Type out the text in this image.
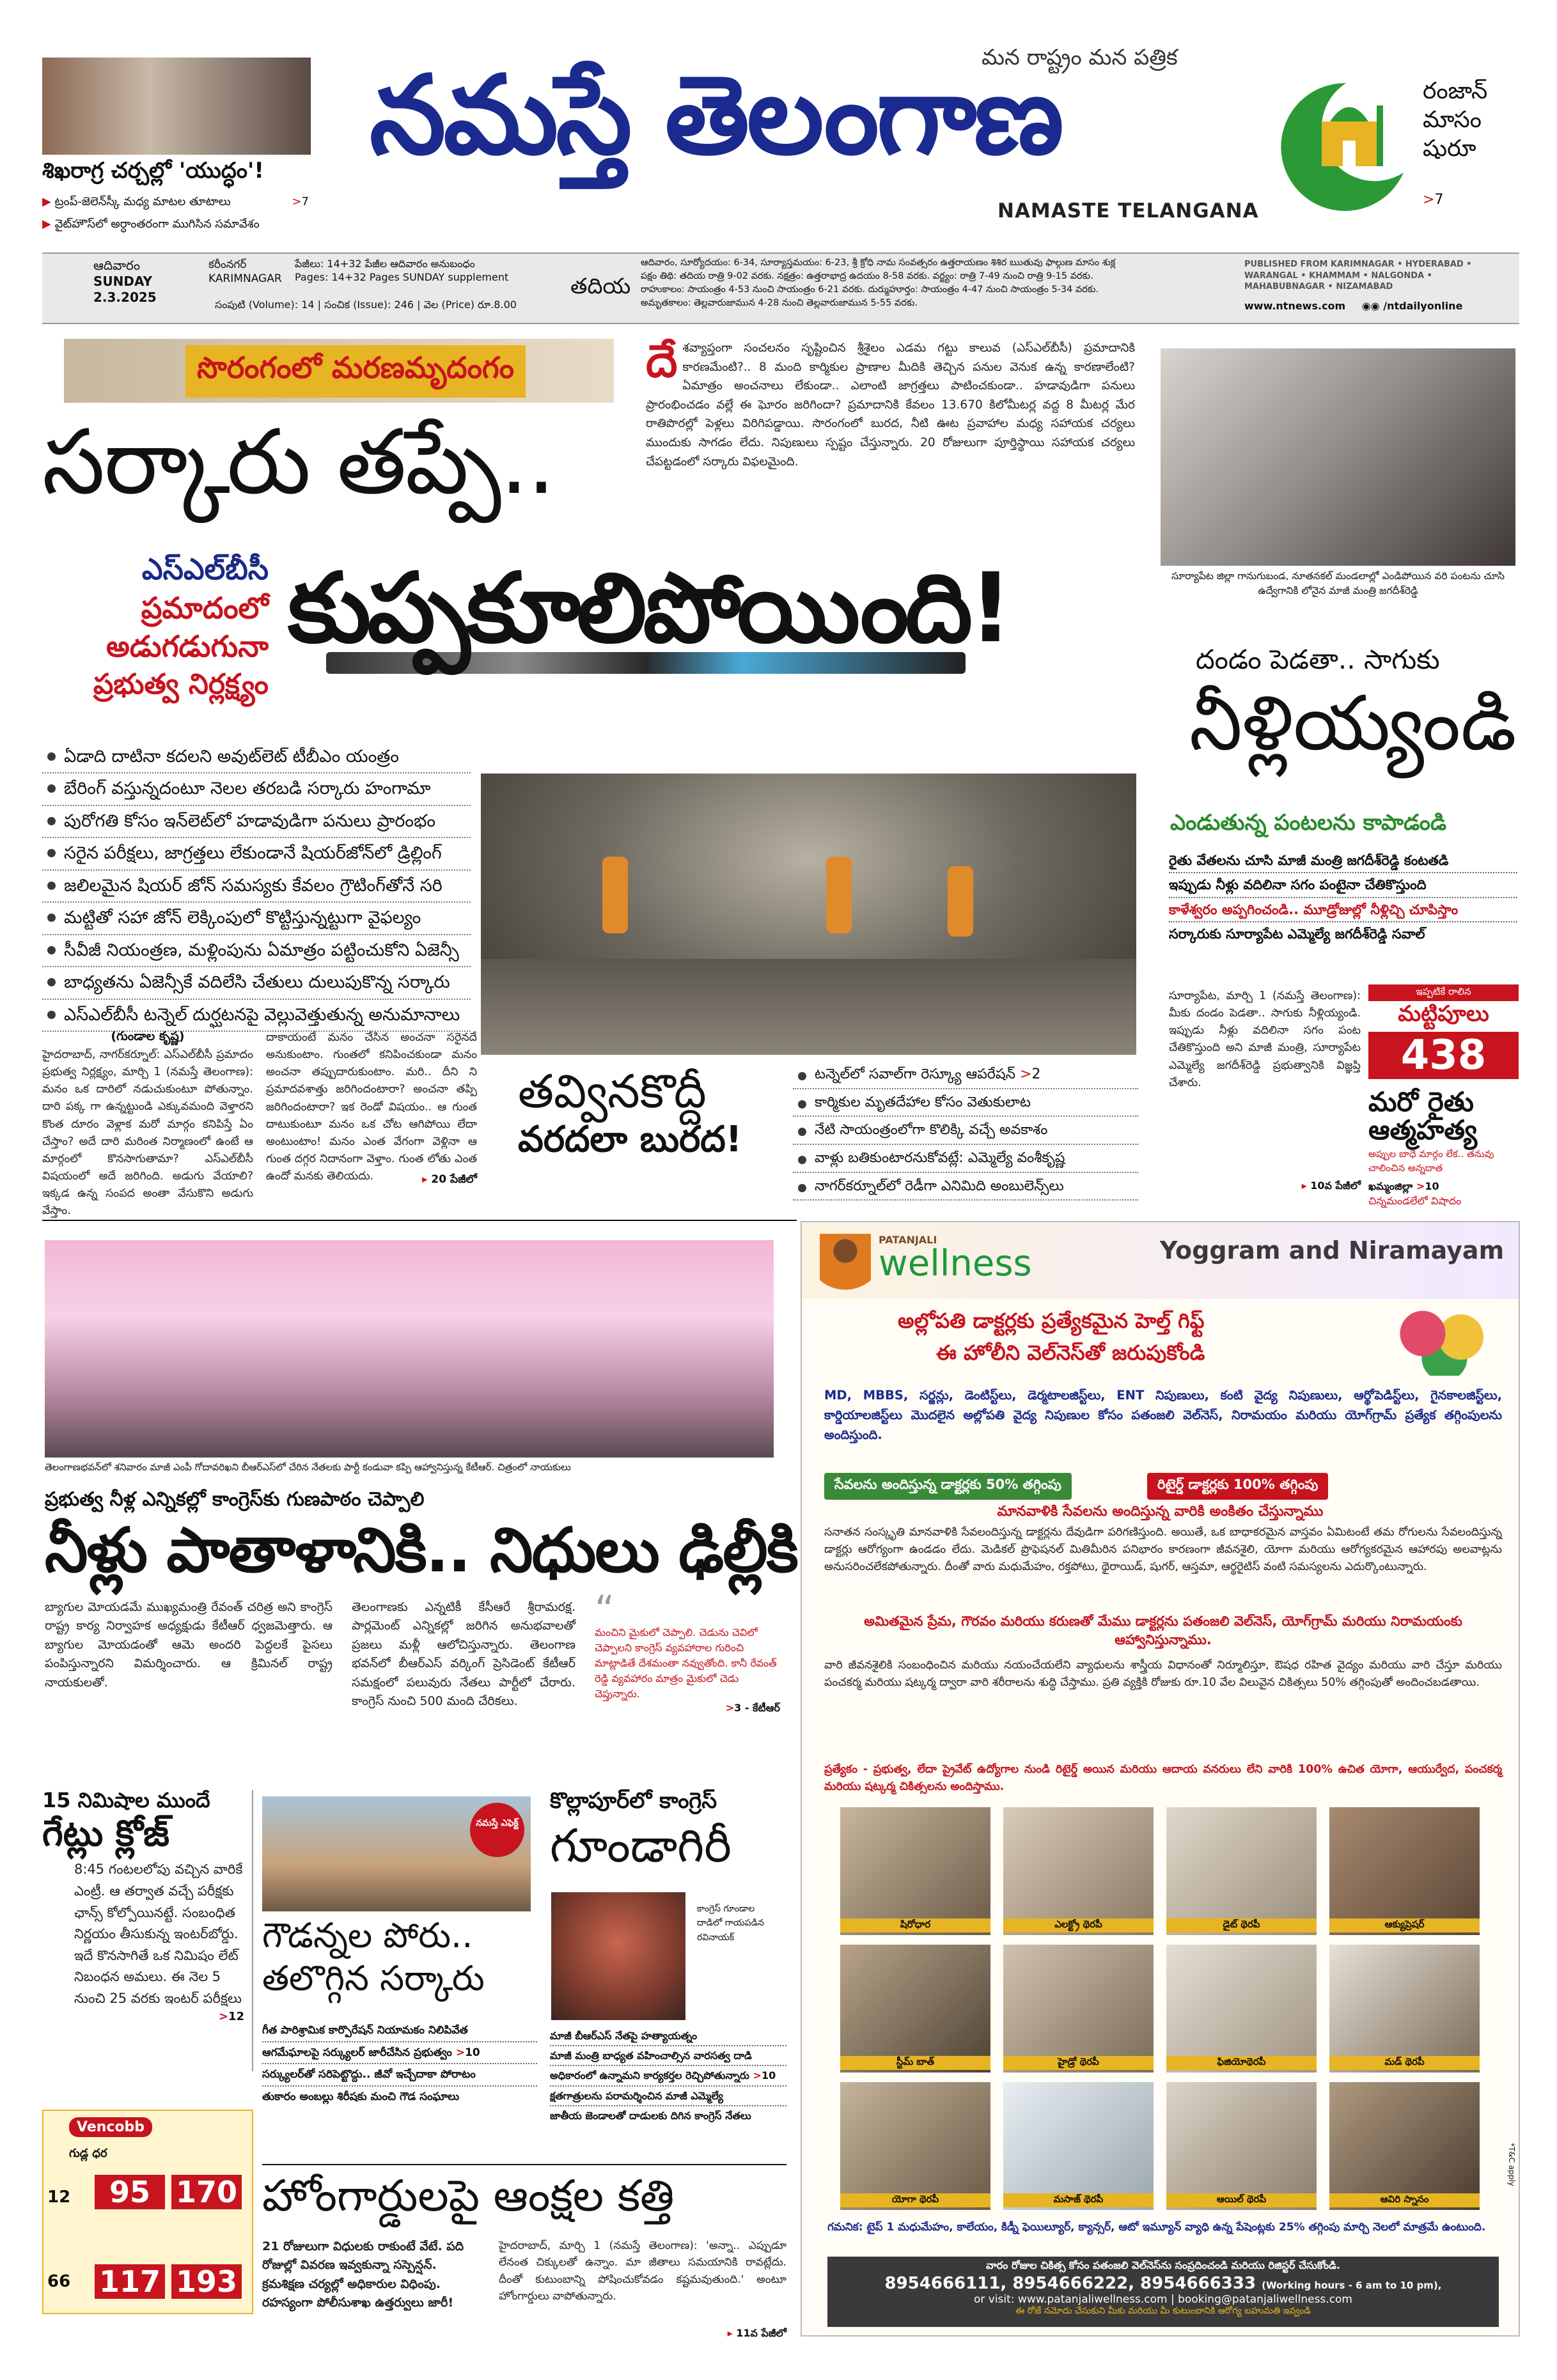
శిఖరాగ్ర చర్చల్లో 'యుద్ధం'!
▶ ట్రంప్-జెలెన్‌స్కీ మధ్య మాటల తూటాలు	>7
▶ వైట్‌హౌస్‌లో అర్ధాంతరంగా ముగిసిన సమావేశం
మన రాష్ట్రం మన పత్రిక
నమస్తే తెలంగాణ
NAMASTE TELANGANA
రంజాన్ మాసం షురూ
>7
ఆదివారం
SUNDAY
2.3.2025
కరీంనగర్
KARIMNAGAR
పేజీలు: 14+32 పేజీల ఆదివారం అనుబంధం
Pages: 14+32 Pages SUNDAY supplement
సంపుటి (Volume): 14 | సంచిక (Issue): 246 | వెల (Price) రూ.8.00
తదియ
ఆదివారం, సూర్యోదయం: 6-34, సూర్యాస్తమయం: 6-23, శ్రీ క్రోధి నామ సంవత్సరం ఉత్తరాయణం శిశిర ఋతువు ఫాల్గుణ మాసం శుక్ల
పక్షం తిథి: తదియ రాత్రి 9-02 వరకు. నక్షత్రం: ఉత్తరాభాద్ర ఉదయం 8-58 వరకు. వర్జ్యం: రాత్రి 7-49 నుంచి రాత్రి 9-15 వరకు.
రాహుకాలం: సాయంత్రం 4-53 నుంచి సాయంత్రం 6-21 వరకు. దుర్ముహూర్తం: సాయంత్రం 4-47 నుంచి సాయంత్రం 5-34 వరకు.
అమృతకాలం: తెల్లవారుజామున 4-28 నుంచి తెల్లవారుజామున 5-55 వరకు.
PUBLISHED FROM KARIMNAGAR • HYDERABAD • WARANGAL • KHAMMAM • NALGONDA • MAHABUBNAGAR • NIZAMABAD
www.ntnews.com ◉◉ /ntdailyonline
సొరంగంలో మరణమృదంగం	దే శవ్యాప్తంగా సంచలనం సృష్టించిన శ్రీశైలం ఎడమ గట్టు కాలువ (ఎస్‌ఎల్‌బీసీ) ప్రమాదానికి కారణమేంటి?.. 8 మంది కార్మికుల ప్రాణాల మీదికి తెచ్చిన పనుల వెనుక ఉన్న కారణాలేంటి? ఏమాత్రం అంచనాలు లేకుండా.. ఎలాంటి జాగ్రత్తలు పాటించకుండా.. హడావుడిగా పనులు ప్రారంభించడం వల్లే ఈ ఘోరం జరిగిందా? ప్రమాదానికి కేవలం 13.670 కిలోమీటర్ల వద్ద 8 మీటర్ల మేర రాతిపొరల్లో పెళ్లలు విరిగిపడ్డాయి. సొరంగంలో బురద, నీటి ఊట ప్రవాహాల మధ్య సహాయక చర్యలు ముందుకు సాగడం లేదు. నిపుణులు స్పష్టం చేస్తున్నారు. 20 రోజులుగా పూర్తిస్థాయి సహాయక చర్యలు చేపట్టడంలో సర్కారు విఫలమైంది.
సర్కారు తప్పే..
ఎస్‌ఎల్‌బీసీ
ప్రమాదంలో
అడుగడుగునా
ప్రభుత్వ నిర్లక్ష్యం
కుప్పకూలిపోయింది!
ఏడాది దాటినా కదలని అవుట్‌లెట్ టీబీఎం యంత్రం
బేరింగ్ వస్తున్నదంటూ నెలల తరబడి సర్కారు హంగామా
పురోగతి కోసం ఇన్‌లెట్‌లో హడావుడిగా పనులు ప్రారంభం
సరైన పరీక్షలు, జాగ్రత్తలు లేకుండానే షియర్‌జోన్‌లో డ్రిల్లింగ్
జలిలమైన షియర్ జోన్ సమస్యకు కేవలం గ్రౌటింగ్‌తోనే సరి
మట్టితో సహా జోన్ లెక్కింపులో కొట్టిస్తున్నట్టుగా వైఫల్యం
సీవీజీ నియంత్రణ, మళ్లింపును ఏమాత్రం పట్టించుకోని ఏజెన్సీ
బాధ్యతను ఏజెన్సీకే వదిలేసి చేతులు దులుపుకొన్న సర్కారు
ఎస్‌ఎల్‌బీసీ టన్నెల్ దుర్ఘటనపై వెల్లువెత్తుతున్న అనుమానాలు
(గుండాల కృష్ణ)
హైదరాబాద్, నాగర్‌కర్నూల్: ఎస్‌ఎల్‌బీసీ ప్రమాదం ప్రభుత్వ నిర్లక్ష్యం, మార్చి 1 (నమస్తే తెలంగాణ): మనం ఒక దారిలో నడుచుకుంటూ పోతున్నాం. దారి పక్క గా ఉన్నట్టుండి ఎక్కువమంది వెళ్తారని కొంత దూరం వెళ్లాక మరో మార్గం కనిపిస్తే ఏం చేస్తాం? అదే దారి మరింత నిర్మాణంలో ఉంటే ఆ మార్గంలో కొనసాగుతామా? ఎస్‌ఎల్‌బీసీ విషయంలో అదే జరిగింది. అడుగు వేయాలి? ఇక్కడ ఉన్న సంపద అంతా వేసుకొని అడుగు వేస్తాం.
దాకాయంటే మనం చేసిన అంచనా సరైనదే అనుకుంటాం. గుంతలో కనిపించకుండా మనం అంచనా తప్పుదారుకుంటాం. మరి.. దీని ని ప్రమాదవశాత్తు జరిగిందంటారా? అంచనా తప్పి జరిగిందంటారా? ఇక రెండో విషయం.. ఆ గుంత దాటుకుంటూ మనం ఒక చోట ఆగిపోయి లేదా అంటుంటాం! మనం ఎంత వేగంగా వెళ్లినా ఆ గుంత దగ్గర నిదానంగా వెళ్తాం. గుంత లోతు ఎంత ఉందో మనకు తెలియదు.	▸ 20 పేజీలో
తవ్వినకొద్దీ
వరదలా బురద!
టన్నెల్‌లో సవాల్‌గా రెస్క్యూ ఆపరేషన్ >2
కార్మికుల మృతదేహాల కోసం వెతుకులాట
నేటి సాయంత్రంలోగా కొలిక్కి వచ్చే అవకాశం
వాళ్లు బతికుంటారనుకోవట్లే: ఎమ్మెల్యే వంశీకృష్ణ
నాగర్‌కర్నూల్‌లో రెడీగా ఎనిమిది అంబులెన్స్‌లు
సూర్యాపేట జిల్లా గానుగుబండ, నూతనకల్ మండలాల్లో ఎండిపోయిన వరి పంటను చూసి ఉద్వేగానికి లోనైన మాజీ మంత్రి జగదీశ్‌రెడ్డి
దండం పెడతా.. సాగుకు
నీళ్లియ్యండి
ఎండుతున్న పంటలను కాపాడండి
రైతు వేతలను చూసి మాజీ మంత్రి జగదీశ్‌రెడ్డి కంటతడి
ఇప్పుడు నీళ్లు వదిలినా సగం పంటైనా చేతికొస్తుంది
కాళేశ్వరం అప్పగించండి.. మూడ్రోజుల్లో నీళ్లిచ్చి చూపిస్తాం
సర్కారుకు సూర్యాపేట ఎమ్మెల్యే జగదీశ్‌రెడ్డి సవాల్
సూర్యాపేట, మార్చి 1 (నమస్తే తెలంగాణ): మీకు దండం పెడతా.. సాగుకు నీళ్లియ్యండి. ఇప్పుడు నీళ్లు వదిలినా సగం పంట చేతికొస్తుంది అని మాజీ మంత్రి, సూర్యాపేట ఎమ్మెల్యే జగదీశ్‌రెడ్డి ప్రభుత్వానికి విజ్ఞప్తి చేశారు.
▸ 10వ పేజీలో
ఇప్పటికే రాలిన
మట్టిపూలు
438
మరో రైతు
ఆత్మహత్య
అప్పుల బాధే మార్గం లేక.. తనువు చాలించిన అన్నదాత
ఖమ్మంజిల్లా >10
చిన్నమండలేలో విషాదం
తెలంగాణభవన్‌లో శనివారం మాజీ ఎంపీ గోదావరిఖని బీఆర్ఎస్‌లో చేరిన నేతలకు పార్టీ కండువా కప్పి ఆహ్వానిస్తున్న కేటీఆర్. చిత్రంలో నాయకులు
ప్రభుత్వ నీళ్ల ఎన్నికల్లో కాంగ్రెస్‌కు గుణపాఠం చెప్పాలి
నీళ్లు పాతాళానికి.. నిధులు ఢిల్లీకి
బ్యాగుల మోయడమే ముఖ్యమంత్రి రేవంత్ చరిత్ర అని కాంగ్రెస్ రాష్ట్ర కార్య నిర్వాహక అధ్యక్షుడు కేటీఆర్ ధ్వజమెత్తారు. ఆ బ్యాగుల మోయడంతో ఆమె అందరి పెద్దలకే పైసలు పంపిస్తున్నారని విమర్శించారు. ఆ క్రిమినల్ రాష్ట్ర నాయకులతో.
తెలంగాణకు ఎన్నటికీ కేసీఆరే శ్రీరామరక్ష. పార్లమెంట్ ఎన్నికల్లో జరిగిన అనుభవాలతో ప్రజలు మళ్లీ ఆలోచిస్తున్నారు. తెలంగాణ భవన్‌లో బీఆర్ఎస్ వర్కింగ్ ప్రెసిడెంట్ కేటీఆర్ సమక్షంలో పలువురు నేతలు పార్టీలో చేరారు. కాంగ్రెస్ నుంచి 500 మంది చేరికలు.
“
మంచిని మైకులో చెప్పాలి. చెడును చెవిలో చెప్పాలని కాంగ్రెస్ వ్యవహారాల గురించి మాట్లాడితే దేశమంతా నవ్వుతోంది. కానీ రేవంత్ రెడ్డి వ్యవహారం మాత్రం మైకులో చెడు చెప్తున్నారు.
>3 - కేటీఆర్
15 నిమిషాల ముందే
గేట్లు క్లోజ్
8:45 గంటలలోపు వచ్చిన వారికే ఎంట్రీ. ఆ తర్వాత వచ్చే పరీక్షకు ఛాన్స్ కోల్పోయినట్టే. సంబంధిత నిర్ణయం తీసుకున్న ఇంటర్‌బోర్డు. ఇదే కొనసాగితే ఒక నిమిషం లేట్ నిబంధన అమలు. ఈ నెల 5 నుంచి 25 వరకు ఇంటర్ పరీక్షలు
>12
Vencobb
గుడ్ల ధర
12	95 170
66 117 193
నమస్తే ఎఫెక్ట్
గౌడన్నల పోరు..
తలొగ్గిన సర్కారు
గీత పారిశ్రామిక కార్పొరేషన్ నియామకం నిలిపివేత
ఆగమేఘాలపై సర్క్యులర్ జారీచేసిన ప్రభుత్వం >10
సర్క్యులర్‌తో సరిపెట్టొద్దు.. జీవో ఇచ్చేదాకా పోరాటం
తుకారం అంబల్లు శిరీషకు మంచి గౌడ సంఘాలు
కొల్లాపూర్‌లో కాంగ్రెస్
గూండాగిరీ
కాంగ్రెస్ గూండాల దాడిలో గాయపడిన రవినాయక్
మాజీ బీఆర్ఎస్ నేతపై హత్యాయత్నం
మాజీ మంత్రి బాధ్యత వహించాల్సిన వారసత్వ దాడి
అధికారంలో ఉన్నామని కార్యకర్తల రెచ్చిపోతున్నారు >10
క్షతగాత్రులను పరామర్శించిన మాజీ ఎమ్మెల్యే
జాతీయ జెండాలతో దాడులకు దిగిన కాంగ్రెస్ నేతలు
హోంగార్డులపై ఆంక్షల కత్తి
21 రోజులుగా విధులకు రాకుంటే వేటే. పది రోజుల్లో వివరణ ఇవ్వకున్నా సస్పెన్షన్. క్రమశిక్షణ చర్యల్లో అధికారుల విధింపు. రహస్యంగా పోలీసుశాఖ ఉత్తర్వులు జారీ!
హైదరాబాద్, మార్చి 1 (నమస్తే తెలంగాణ): 'అన్నా.. ఎప్పుడూ లేనంత చిక్కులతో ఉన్నాం. మా జీతాలు సమయానికి రావట్లేదు. దీంతో కుటుంబాన్ని పోషించుకోవడం కష్టమవుతుంది.' అంటూ హోంగార్డులు వాపోతున్నారు.
▸ 11వ పేజీలో
PATANJALI
wellness	Yoggram and Niramayam
అల్లోపతి డాక్టర్లకు ప్రత్యేకమైన హెల్త్ గిఫ్ట్
ఈ హోలీని వెల్‌నెస్‌తో జరుపుకోండి
MD, MBBS, సర్జన్లు, డెంటిస్ట్‌లు, డెర్మటాలజిస్ట్‌లు, ENT నిపుణులు, కంటి వైద్య నిపుణులు, ఆర్థోపెడిస్ట్‌లు, గైనకాలజిస్ట్‌లు, కార్డియాలజిస్ట్‌లు మొదలైన అల్లోపతి వైద్య నిపుణుల కోసం పతంజలి వెల్‌నెస్, నిరామయం మరియు యోగ్‌గ్రామ్ ప్రత్యేక తగ్గింపులను అందిస్తుంది.
సేవలను అందిస్తున్న డాక్టర్లకు 50% తగ్గింపు	రిటైర్డ్ డాక్టర్లకు 100% తగ్గింపు
మానవాళికి సేవలను అందిస్తున్న వారికి అంకితం చేస్తున్నాము
సనాతన సంస్కృతి మానవాళికి సేవలందిస్తున్న డాక్టర్లను దేవుడిగా పరిగణిస్తుంది. అయితే, ఒక బాధాకరమైన వాస్తవం ఏమిటంటే తమ రోగులను సేవలందిస్తున్న డాక్టర్లు ఆరోగ్యంగా ఉండడం లేదు. మెడికల్ ప్రొఫెషనల్ మితిమీరిన పనిభారం కారణంగా జీవనశైలి, యోగా మరియు ఆరోగ్యకరమైన ఆహారపు అలవాట్లను అనుసరించలేకపోతున్నారు. దీంతో వారు మధుమేహం, రక్తపోటు, థైరాయిడ్, షుగర్, ఆస్తమా, ఆర్థరైటిస్ వంటి సమస్యలను ఎదుర్కొంటున్నారు.
అమితమైన ప్రేమ, గౌరవం మరియు కరుణతో మేము డాక్టర్లను పతంజలి వెల్‌నెస్, యోగ్‌గ్రామ్ మరియు నిరామయంకు ఆహ్వానిస్తున్నాము.
వారి జీవనశైలికి సంబంధించిన మరియు నయంచేయలేని వ్యాధులను శాస్త్రీయ విధానంతో నిర్మూలిస్తూ, ఔషధ రహిత వైద్యం మరియు వారి చేస్తూ మరియు పంచకర్మ మరియు షట్కర్మ ద్వారా వారి శరీరాలను శుద్ధి చేస్తాము. ప్రతి వ్యక్తికి రోజుకు రూ.10 వేల విలువైన చికిత్సలు 50% తగ్గింపుతో అందించబడతాయి.
ప్రత్యేకం - ప్రభుత్వ, లేదా ప్రైవేట్ ఉద్యోగాల నుండి రిటైర్డ్ అయిన మరియు ఆదాయ వనరులు లేని వారికి 100% ఉచిత యోగా, ఆయుర్వేద, పంచకర్మ మరియు షట్కర్మ చికిత్సలను అందిస్తాము.
షిరోధార	ఎలక్ట్రో థెరపీ	డైట్ థెరపీ	ఆక్యుప్రెషర్
స్టీమ్ బాత్	హైడ్రో థెరపీ	ఫిజియోథెరపీ	మడ్ థెరపీ
యోగా థెరపీ	మసాజ్ థెరపీ	ఆయిల్ థెరపీ	ఆవిరి స్నానం
*T&C apply
గమనిక: టైప్ 1 మధుమేహం, కాలేయం, కిడ్నీ ఫెయిల్యూర్, క్యాన్సర్, ఆటో ఇమ్యూన్ వ్యాధి ఉన్న పేషెంట్లకు 25% తగ్గింపు మార్చి నెలలో మాత్రమే ఉంటుంది.
వారం రోజుల చికిత్స కోసం పతంజలి వెల్‌నెస్‌ను సంప్రదించండి మరియు రిజిస్టర్ చేసుకోండి.
8954666111, 8954666222, 8954666333 (Working hours - 6 am to 10 pm),
or visit: www.patanjaliwellness.com | booking@patanjaliwellness.com
ఈ రోజే నమోదు చేసుకుని మీకు మరియు మీ కుటుంబానికి ఆరోగ్య బహుమతి ఇవ్వండి
